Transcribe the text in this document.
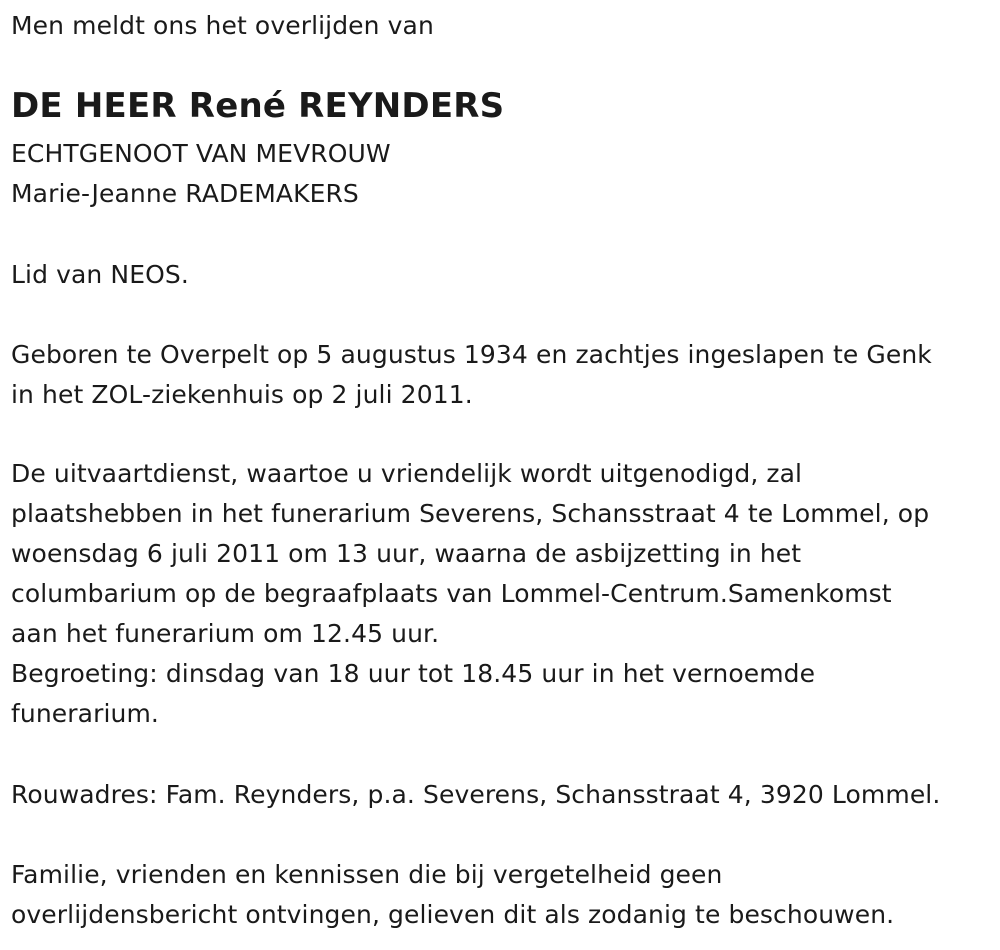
Men meldt ons het overlijden van
DE HEER René REYNDERS
ECHTGENOOT VAN MEVROUW
Marie-Jeanne RADEMAKERS
Lid van NEOS.
Geboren te Overpelt op 5 augustus 1934 en zachtjes ingeslapen te Genk
in het ZOL-ziekenhuis op 2 juli 2011.
De uitvaartdienst, waartoe u vriendelijk wordt uitgenodigd, zal
plaatshebben in het funerarium Severens, Schansstraat 4 te Lommel, op
woensdag 6 juli 2011 om 13 uur, waarna de asbijzetting in het
columbarium op de begraafplaats van Lommel-Centrum.Samenkomst
aan het funerarium om 12.45 uur.
Begroeting: dinsdag van 18 uur tot 18.45 uur in het vernoemde
funerarium.
Rouwadres: Fam. Reynders, p.a. Severens, Schansstraat 4, 3920 Lommel.
Familie, vrienden en kennissen die bij vergetelheid geen
overlijdensbericht ontvingen, gelieven dit als zodanig te beschouwen.
